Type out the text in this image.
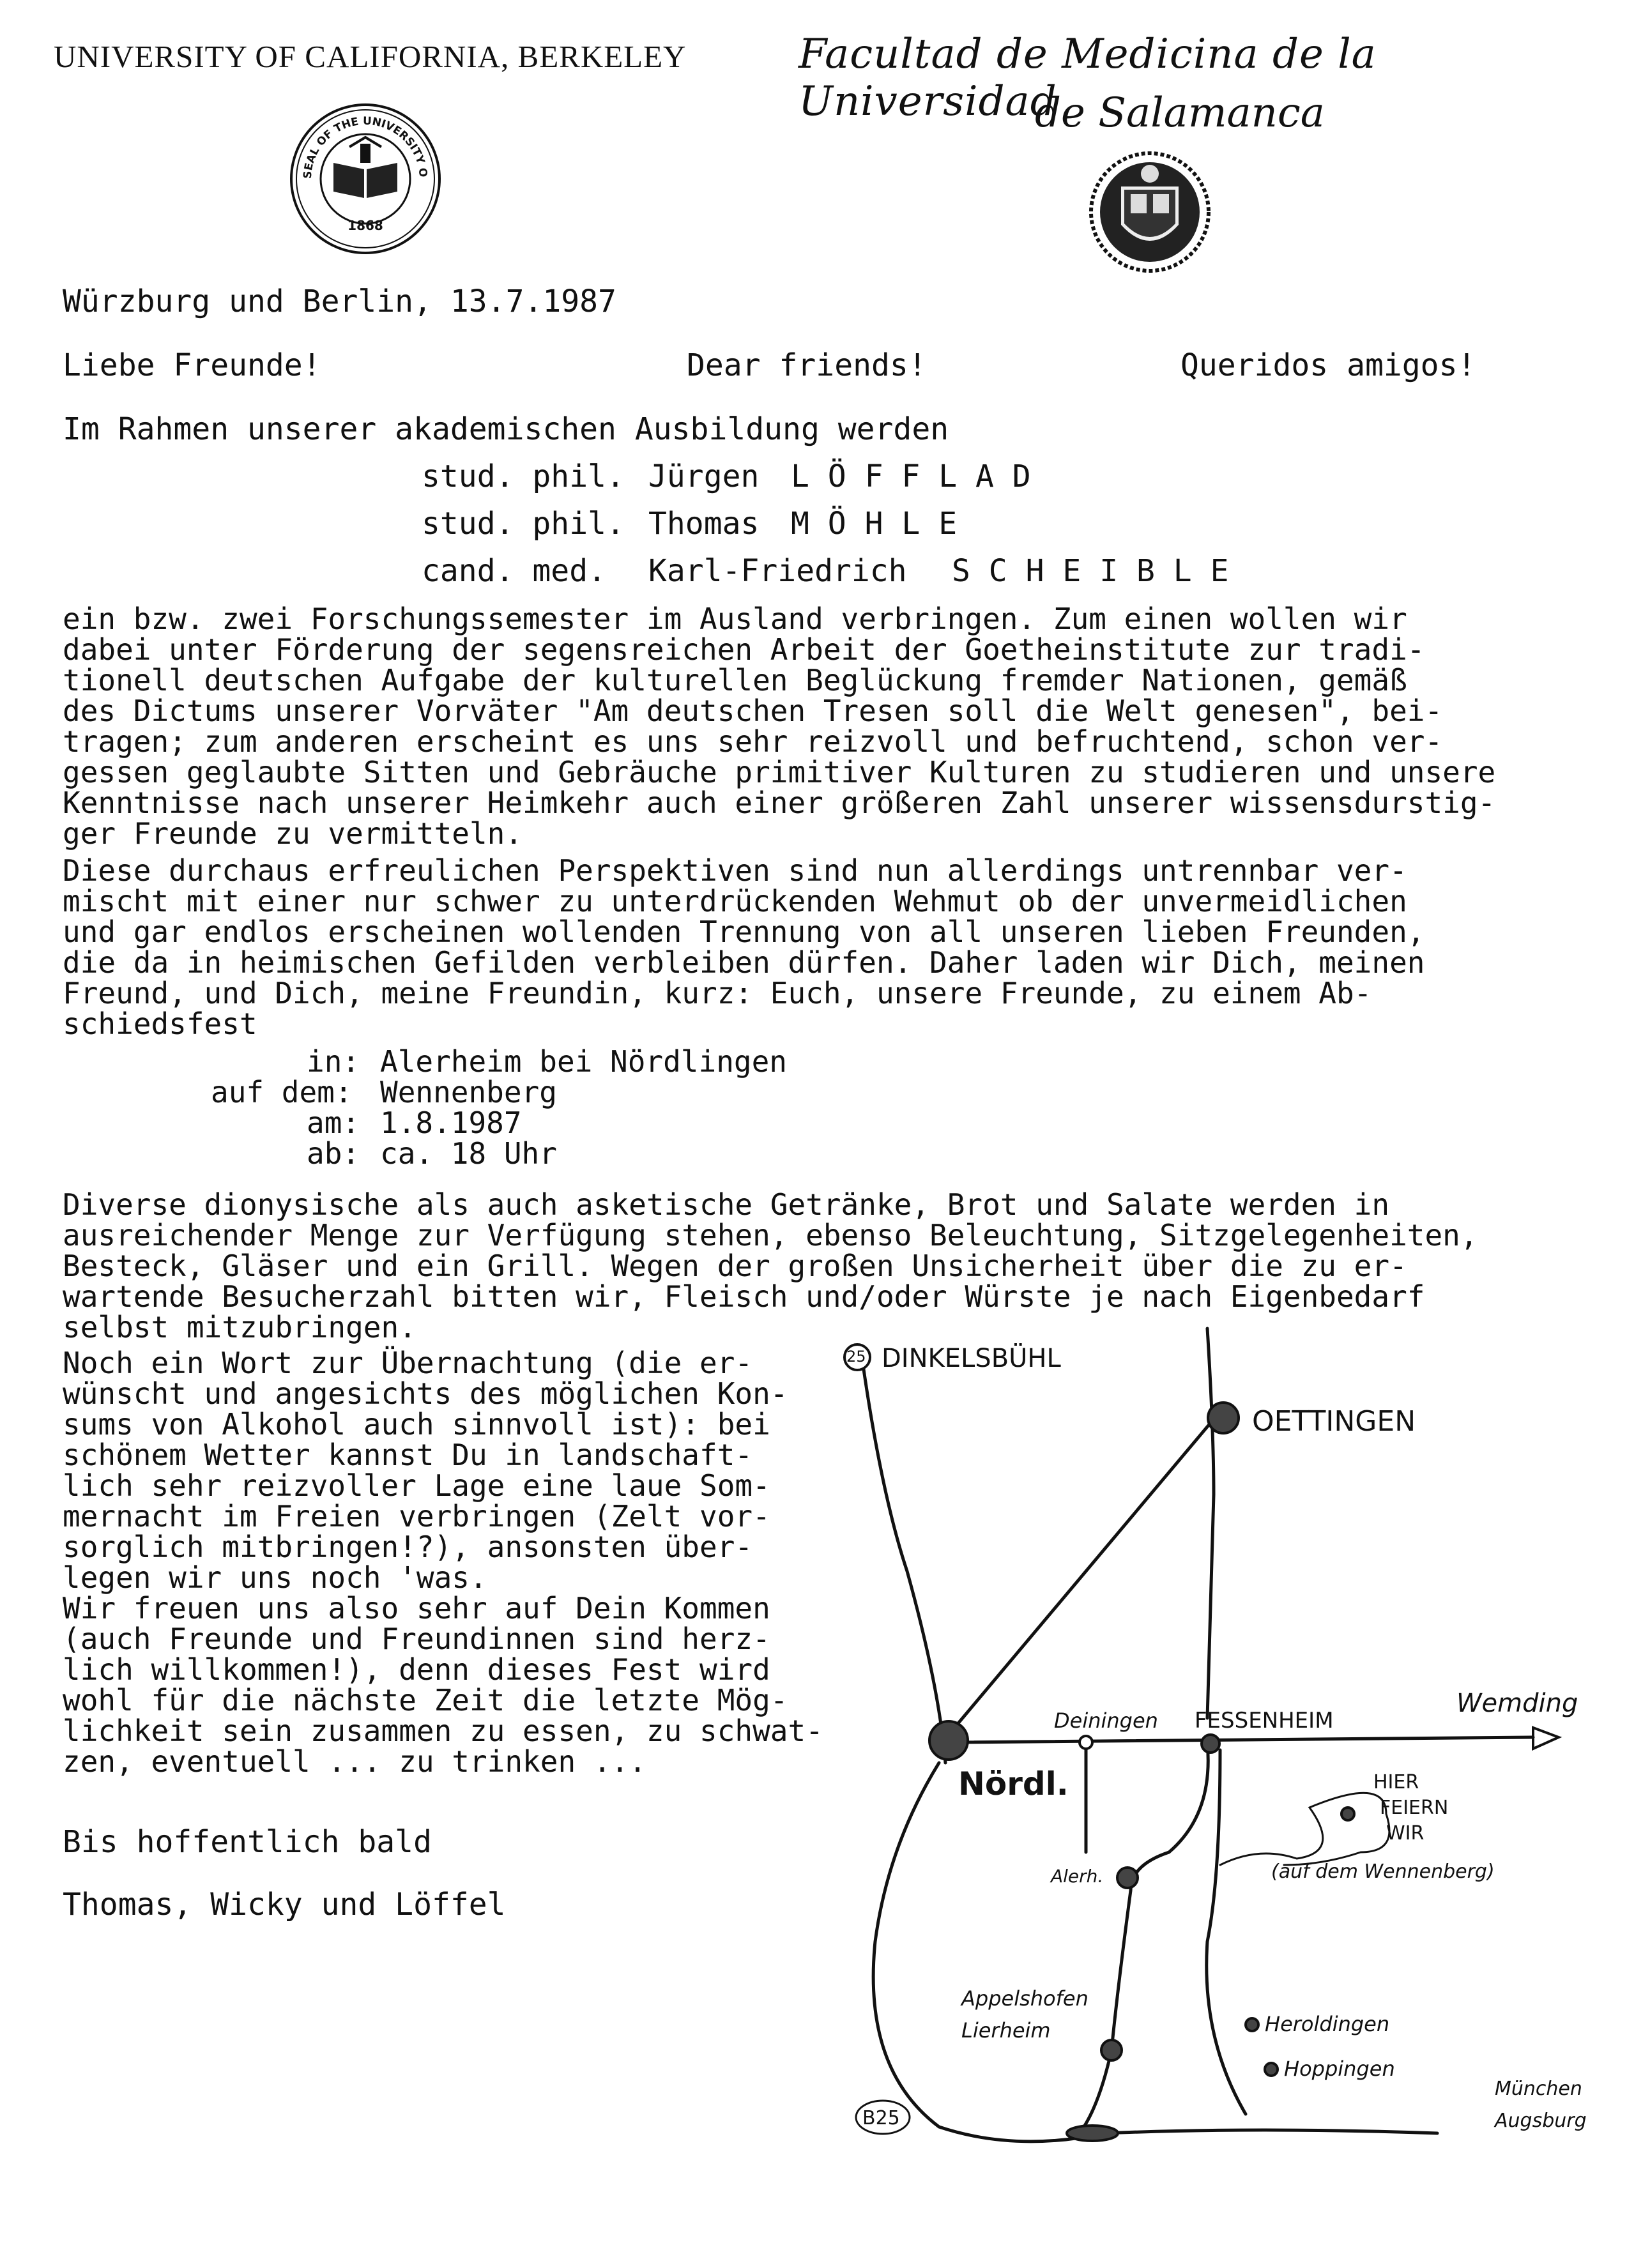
UNIVERSITY OF CALIFORNIA, BERKELEY
SEAL OF THE UNIVERSITY O
1868
Facultad de Medicina de la Universidad
de Salamanca
Würzburg und Berlin, 13.7.1987
Liebe Freunde!	Dear friends!	Queridos amigos!
Im Rahmen unserer akademischen Ausbildung werden
stud. phil. Jürgen L Ö F F L A D
stud. phil. Thomas M Ö H L E
cand. med. Karl-Friedrich S C H E I B L E
ein bzw. zwei Forschungssemester im Ausland verbringen. Zum einen wollen wir
dabei unter Förderung der segensreichen Arbeit der Goetheinstitute zur tradi-
tionell deutschen Aufgabe der kulturellen Beglückung fremder Nationen, gemäß
des Dictums unserer Vorväter "Am deutschen Tresen soll die Welt genesen", bei-
tragen; zum anderen erscheint es uns sehr reizvoll und befruchtend, schon ver-
gessen geglaubte Sitten und Gebräuche primitiver Kulturen zu studieren und unsere
Kenntnisse nach unserer Heimkehr auch einer größeren Zahl unserer wissensdurstig-
ger Freunde zu vermitteln.
Diese durchaus erfreulichen Perspektiven sind nun allerdings untrennbar ver-
mischt mit einer nur schwer zu unterdrückenden Wehmut ob der unvermeidlichen
und gar endlos erscheinen wollenden Trennung von all unseren lieben Freunden,
die da in heimischen Gefilden verbleiben dürfen. Daher laden wir Dich, meinen
Freund, und Dich, meine Freundin, kurz: Euch, unsere Freunde, zu einem Ab-
schiedsfest
in: Alerheim bei Nördlingen
auf dem: Wennenberg
am: 1.8.1987
ab: ca. 18 Uhr
Diverse dionysische als auch asketische Getränke, Brot und Salate werden in
ausreichender Menge zur Verfügung stehen, ebenso Beleuchtung, Sitzgelegenheiten,
Besteck, Gläser und ein Grill. Wegen der großen Unsicherheit über die zu er-
wartende Besucherzahl bitten wir, Fleisch und/oder Würste je nach Eigenbedarf
selbst mitzubringen.
Noch ein Wort zur Übernachtung (die er-
wünscht und angesichts des möglichen Kon-
sums von Alkohol auch sinnvoll ist): bei
schönem Wetter kannst Du in landschaft-
lich sehr reizvoller Lage eine laue Som-
mernacht im Freien verbringen (Zelt vor-
sorglich mitbringen!?), ansonsten über-
legen wir uns noch 'was.
Wir freuen uns also sehr auf Dein Kommen
(auch Freunde und Freundinnen sind herz-
lich willkommen!), denn dieses Fest wird
wohl für die nächste Zeit die letzte Mög-
lichkeit sein zusammen zu essen, zu schwat-
zen, eventuell ... zu trinken ...
Bis hoffentlich bald
Thomas, Wicky und Löffel
25 DINKELSBÜHL
OETTINGEN
Deiningen FESSENHEIM
Wemding
Nördl.
Alerh.
HIER
FEIERN
WIR
(auf dem Wennenberg)
Appelshofen
Lierheim	Heroldingen
Hoppingen
München
Augsburg
B25
